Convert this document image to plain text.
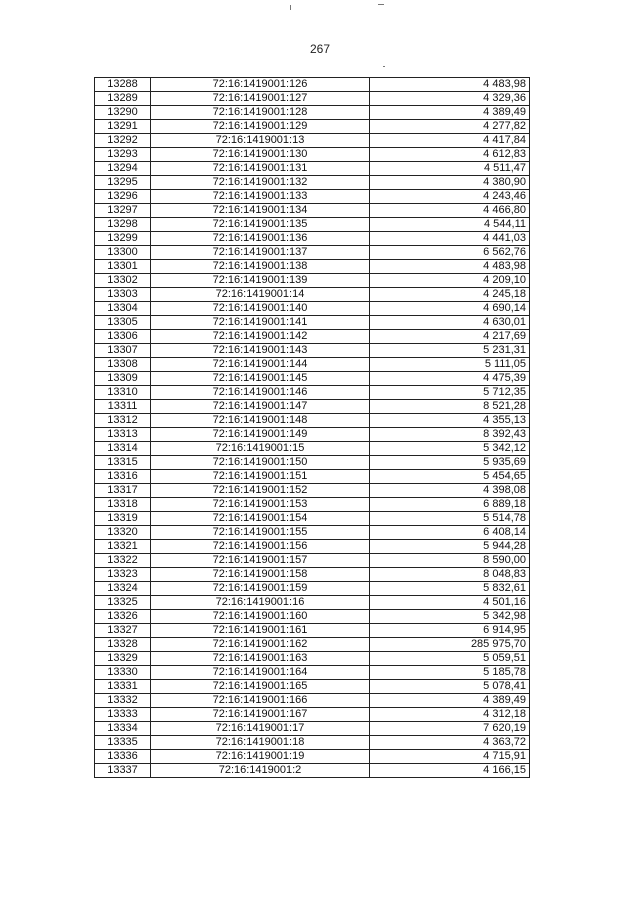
267
13288	72:16:1419001:126	4 483,98
13289	72:16:1419001:127	4 329,36
13290	72:16:1419001:128	4 389,49
13291	72:16:1419001:129	4 277,82
13292	72:16:1419001:13	4 417,84
13293	72:16:1419001:130	4 612,83
13294	72:16:1419001:131	4 511,47
13295	72:16:1419001:132	4 380,90
13296	72:16:1419001:133	4 243,46
13297	72:16:1419001:134	4 466,80
13298	72:16:1419001:135	4 544,11
13299	72:16:1419001:136	4 441,03
13300	72:16:1419001:137	6 562,76
13301	72:16:1419001:138	4 483,98
13302	72:16:1419001:139	4 209,10
13303	72:16:1419001:14	4 245,18
13304	72:16:1419001:140	4 690,14
13305	72:16:1419001:141	4 630,01
13306	72:16:1419001:142	4 217,69
13307	72:16:1419001:143	5 231,31
13308	72:16:1419001:144	5 111,05
13309	72:16:1419001:145	4 475,39
13310	72:16:1419001:146	5 712,35
13311	72:16:1419001:147	8 521,28
13312	72:16:1419001:148	4 355,13
13313	72:16:1419001:149	8 392,43
13314	72:16:1419001:15	5 342,12
13315	72:16:1419001:150	5 935,69
13316	72:16:1419001:151	5 454,65
13317	72:16:1419001:152	4 398,08
13318	72:16:1419001:153	6 889,18
13319	72:16:1419001:154	5 514,78
13320	72:16:1419001:155	6 408,14
13321	72:16:1419001:156	5 944,28
13322	72:16:1419001:157	8 590,00
13323	72:16:1419001:158	8 048,83
13324	72:16:1419001:159	5 832,61
13325	72:16:1419001:16	4 501,16
13326	72:16:1419001:160	5 342,98
13327	72:16:1419001:161	6 914,95
13328	72:16:1419001:162	285 975,70
13329	72:16:1419001:163	5 059,51
13330	72:16:1419001:164	5 185,78
13331	72:16:1419001:165	5 078,41
13332	72:16:1419001:166	4 389,49
13333	72:16:1419001:167	4 312,18
13334	72:16:1419001:17	7 620,19
13335	72:16:1419001:18	4 363,72
13336	72:16:1419001:19	4 715,91
13337	72:16:1419001:2	4 166,15
